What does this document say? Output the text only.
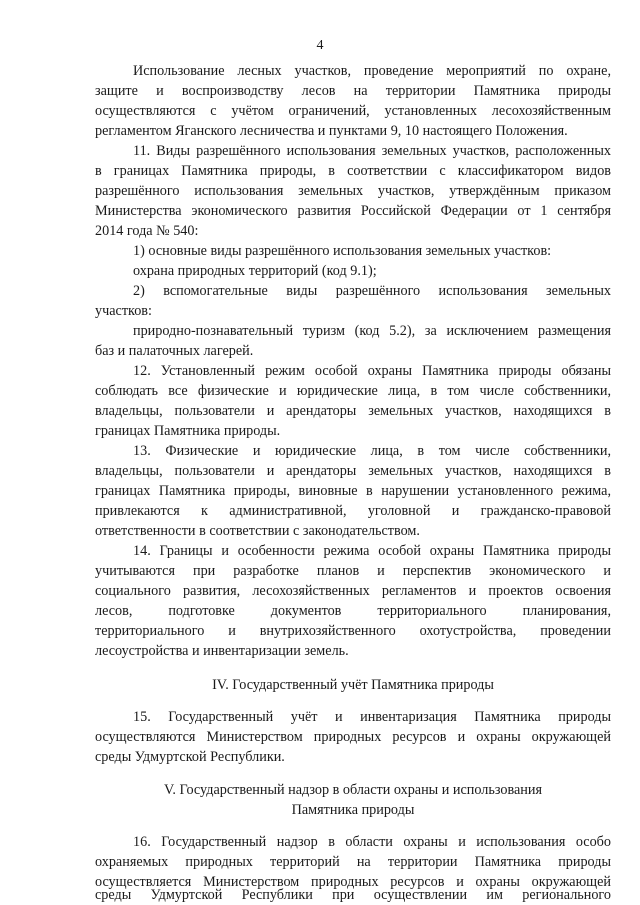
4
Использование лесных участков, проведение мероприятий по охране,
защите и воспроизводству лесов на территории Памятника природы
осуществляются с учётом ограничений, установленных лесохозяйственным
регламентом Яганского лесничества и пунктами 9, 10 настоящего Положения.
11. Виды разрешённого использования земельных участков, расположенных
в границах Памятника природы, в соответствии с классификатором видов
разрешённого использования земельных участков, утверждённым приказом
Министерства экономического развития Российской Федерации от 1 сентября
2014 года № 540:
1) основные виды разрешённого использования земельных участков:
охрана природных территорий (код 9.1);
2) вспомогательные виды разрешённого использования земельных
участков:
природно-познавательный туризм (код 5.2), за исключением размещения
баз и палаточных лагерей.
12. Установленный режим особой охраны Памятника природы обязаны
соблюдать все физические и юридические лица, в том числе собственники,
владельцы, пользователи и арендаторы земельных участков, находящихся в
границах Памятника природы.
13. Физические и юридические лица, в том числе собственники,
владельцы, пользователи и арендаторы земельных участков, находящихся в
границах Памятника природы, виновные в нарушении установленного режима,
привлекаются к административной, уголовной и гражданско-правовой
ответственности в соответствии с законодательством.
14. Границы и особенности режима особой охраны Памятника природы
учитываются при разработке планов и перспектив экономического и
социального развития, лесохозяйственных регламентов и проектов освоения
лесов, подготовке документов территориального планирования,
территориального и внутрихозяйственного охотустройства, проведении
лесоустройства и инвентаризации земель.
IV. Государственный учёт Памятника природы
15. Государственный учёт и инвентаризация Памятника природы
осуществляются Министерством природных ресурсов и охраны окружающей
среды Удмуртской Республики.
V. Государственный надзор в области охраны и использования
Памятника природы
16. Государственный надзор в области охраны и использования особо
охраняемых природных территорий на территории Памятника природы
осуществляется Министерством природных ресурсов и охраны окружающей
среды Удмуртской Республики при осуществлении им регионального
